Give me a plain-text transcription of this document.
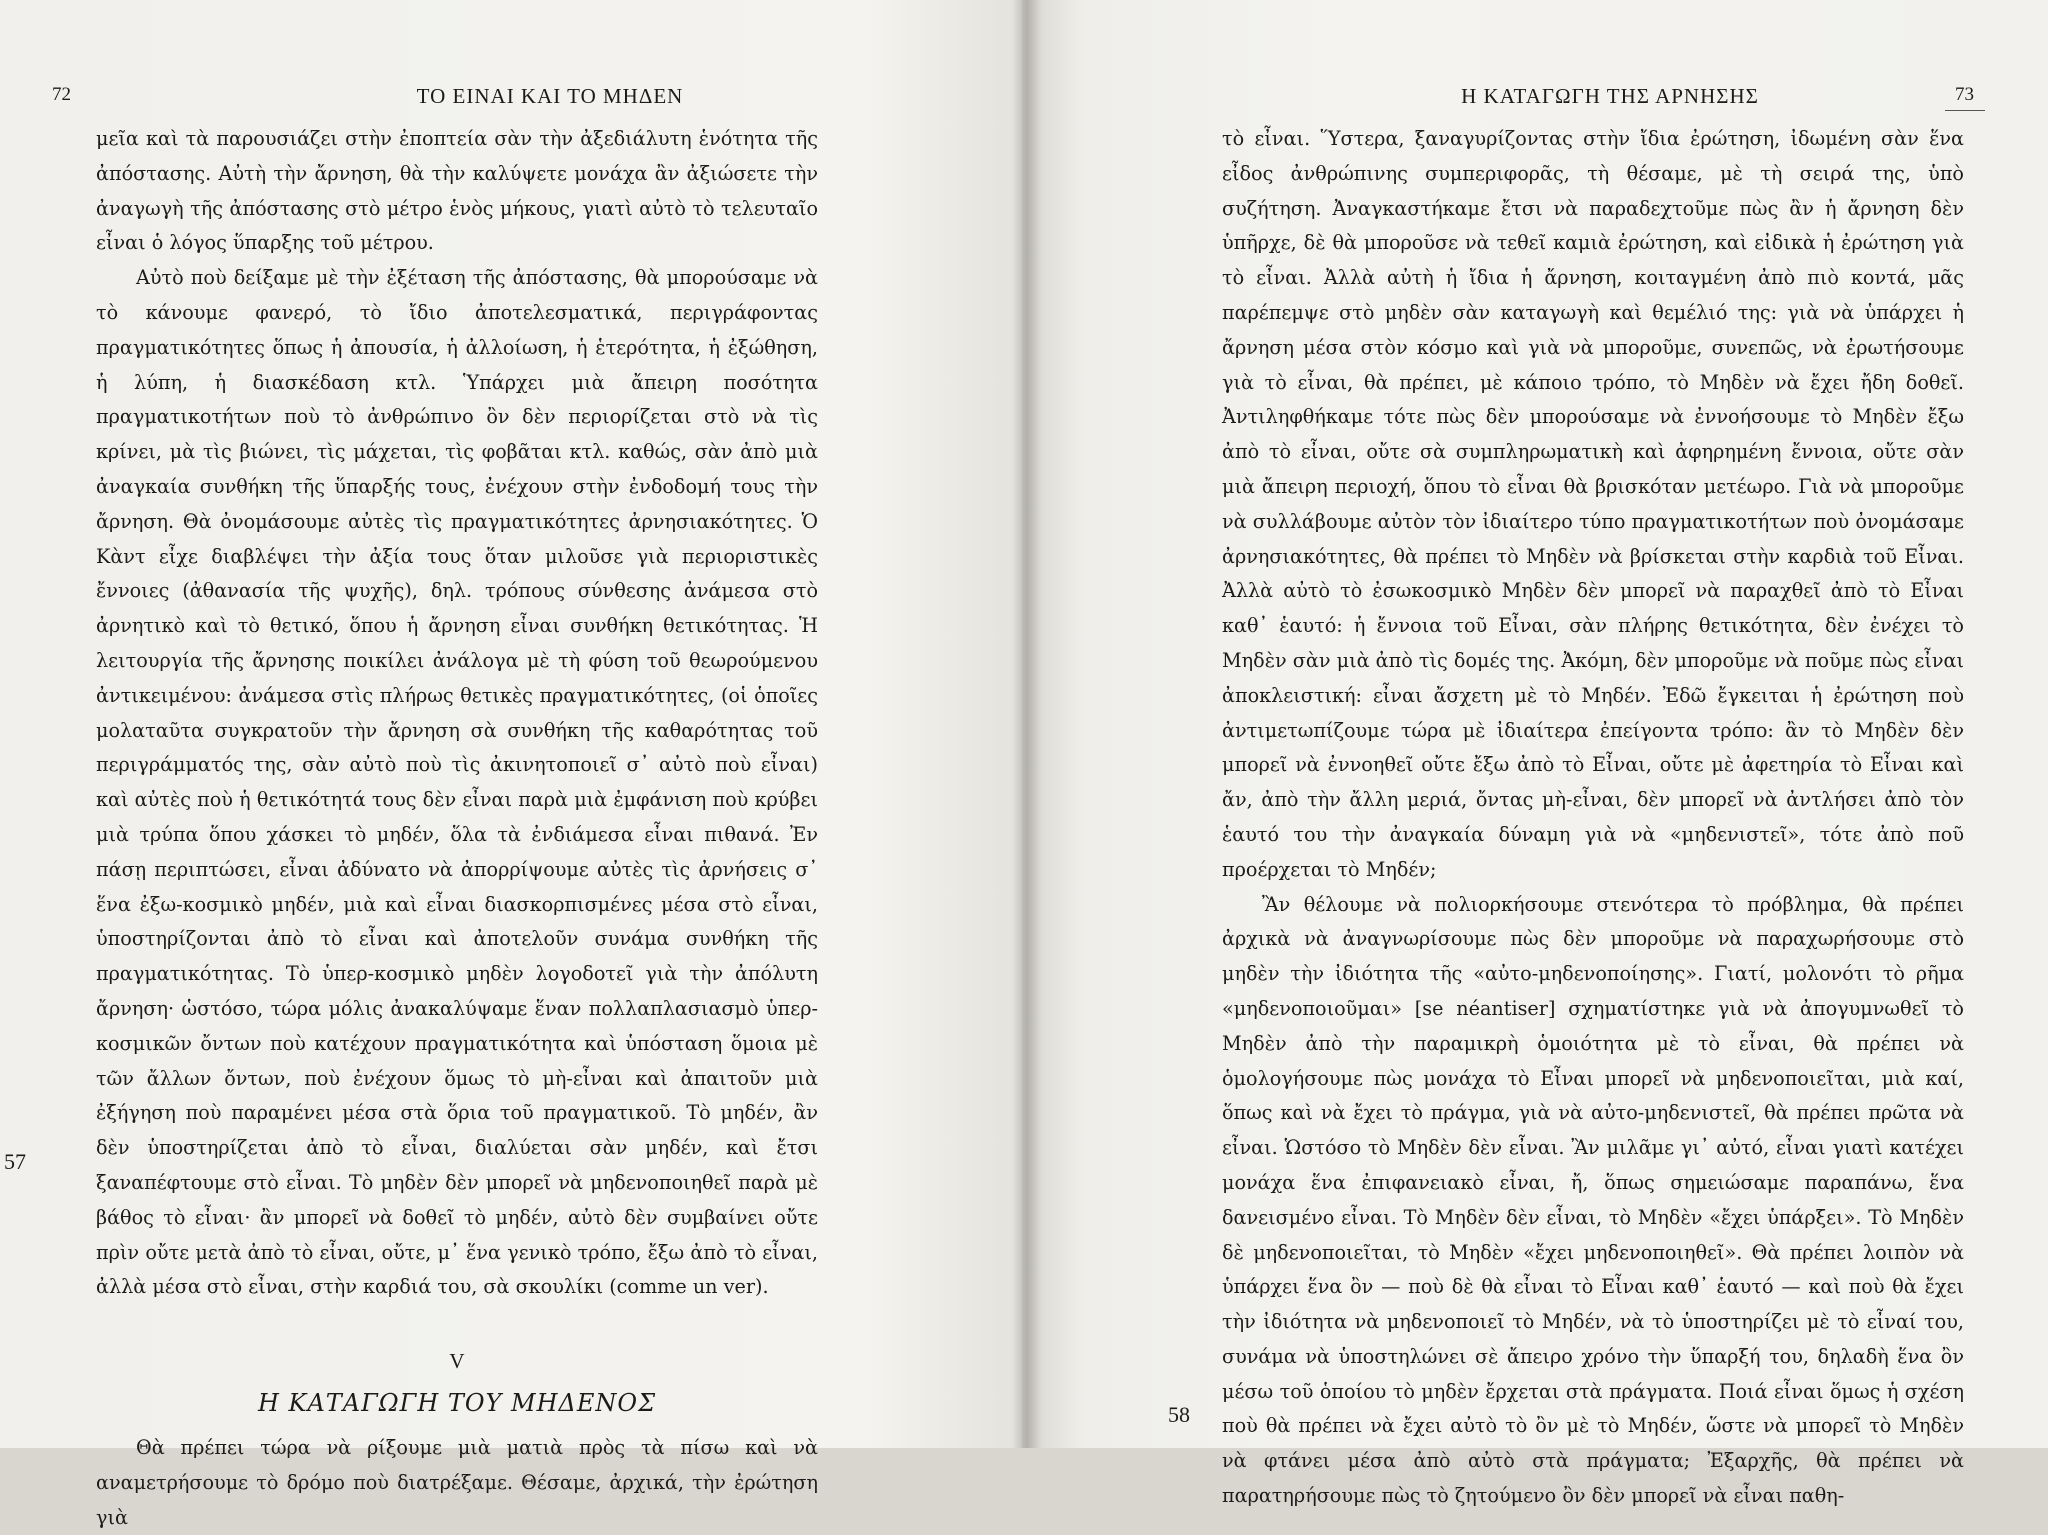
72	ΤΟ ΕΙΝΑΙ ΚΑΙ ΤΟ ΜΗΔΕΝ
57

μεῖα καὶ τὰ παρουσιάζει στὴν ἐποπτεία σὰν τὴν ἀξεδιάλυτη ἑνότητα τῆς ἀπόστασης. Αὐτὴ τὴν ἄρνηση, θὰ τὴν καλύψετε μονάχα ἂν ἀξιώσετε τὴν ἀναγωγὴ τῆς ἀπόστασης στὸ μέτρο ἑνὸς μήκους, γιατὶ αὐτὸ τὸ τελευταῖο εἶναι ὁ λόγος ὕπαρξης τοῦ μέτρου.

Αὐτὸ ποὺ δείξαμε μὲ τὴν ἐξέταση τῆς ἀπόστασης, θὰ μπορούσαμε νὰ τὸ κάνουμε φανερό, τὸ ἴδιο ἀποτελεσματικά, περιγράφοντας πραγματικότητες ὅπως ἡ ἀπουσία, ἡ ἀλλοίωση, ἡ ἑτερότητα, ἡ ἐξώθηση, ἡ λύπη, ἡ διασκέδαση κτλ. Ὑπάρχει μιὰ ἄπειρη ποσότητα πραγματικοτήτων ποὺ τὸ ἀνθρώπινο ὂν δὲν περιορίζεται στὸ νὰ τὶς κρίνει, μὰ τὶς βιώνει, τὶς μάχεται, τὶς φοβᾶται κτλ. καθώς, σὰν ἀπὸ μιὰ ἀναγκαία συνθήκη τῆς ὕπαρξής τους, ἐνέχουν στὴν ἐνδοδομή τους τὴν ἄρνηση. Θὰ ὀνομάσουμε αὐτὲς τὶς πραγματικότητες ἀρνησιακότητες. Ὁ Κὰντ εἶχε διαβλέψει τὴν ἀξία τους ὅταν μιλοῦσε γιὰ περιοριστικὲς ἔννοιες (ἀθανασία τῆς ψυχῆς), δηλ. τρόπους σύνθεσης ἀνάμεσα στὸ ἀρνητικὸ καὶ τὸ θετικό, ὅπου ἡ ἄρνηση εἶναι συνθήκη θετικότητας. Ἡ λειτουργία τῆς ἄρνησης ποικίλει ἀνάλογα μὲ τὴ φύση τοῦ θεωρούμενου ἀντικειμένου: ἀνάμεσα στὶς πλήρως θετικὲς πραγματικότητες, (οἱ ὁποῖες μολαταῦτα συγκρατοῦν τὴν ἄρνηση σὰ συνθήκη τῆς καθαρότητας τοῦ περιγράμματός της, σὰν αὐτὸ ποὺ τὶς ἀκινητοποιεῖ σ᾽ αὐτὸ ποὺ εἶναι) καὶ αὐτὲς ποὺ ἡ θετικότητά τους δὲν εἶναι παρὰ μιὰ ἐμφάνιση ποὺ κρύβει μιὰ τρύπα ὅπου χάσκει τὸ μηδέν, ὅλα τὰ ἐνδιάμεσα εἶναι πιθανά. Ἐν πάσῃ περιπτώσει, εἶναι ἀδύνατο νὰ ἀπορρίψουμε αὐτὲς τὶς ἀρνήσεις σ᾽ ἕνα ἐξω-κοσμικὸ μηδέν, μιὰ καὶ εἶναι διασκορπισμένες μέσα στὸ εἶναι, ὑποστηρίζονται ἀπὸ τὸ εἶναι καὶ ἀποτελοῦν συνάμα συνθήκη τῆς πραγματικότητας. Τὸ ὑπερ-κοσμικὸ μηδὲν λογοδοτεῖ γιὰ τὴν ἀπόλυτη ἄρνηση· ὡστόσο, τώρα μόλις ἀνακαλύψαμε ἕναν πολλαπλασιασμὸ ὑπερ-κοσμικῶν ὄντων ποὺ κατέχουν πραγματικότητα καὶ ὑπόσταση ὅμοια μὲ τῶν ἄλλων ὄντων, ποὺ ἐνέχουν ὅμως τὸ μὴ-εἶναι καὶ ἀπαιτοῦν μιὰ ἐξήγηση ποὺ παραμένει μέσα στὰ ὅρια τοῦ πραγματικοῦ. Τὸ μηδέν, ἂν δὲν ὑποστηρίζεται ἀπὸ τὸ εἶναι, διαλύεται σὰν μηδέν, καὶ ἔτσι ξαναπέφτουμε στὸ εἶναι. Τὸ μηδὲν δὲν μπορεῖ νὰ μηδενοποιηθεῖ παρὰ μὲ βάθος τὸ εἶναι· ἂν μπορεῖ νὰ δοθεῖ τὸ μηδέν, αὐτὸ δὲν συμβαίνει οὔτε πρὶν οὔτε μετὰ ἀπὸ τὸ εἶναι, οὔτε, μ᾽ ἕνα γενικὸ τρόπο, ἔξω ἀπὸ τὸ εἶναι, ἀλλὰ μέσα στὸ εἶναι, στὴν καρδιά του, σὰ σκουλίκι (comme un ver).

V
Η ΚΑΤΑΓΩΓΗ ΤΟΥ ΜΗΔΕΝΟΣ

Θὰ πρέπει τώρα νὰ ρίξουμε μιὰ ματιὰ πρὸς τὰ πίσω καὶ νὰ αναμετρήσουμε τὸ δρόμο ποὺ διατρέξαμε. Θέσαμε, ἀρχικά, τὴν ἐρώτηση γιὰ

Η ΚΑΤΑΓΩΓΗ ΤΗΣ ΑΡΝΗΣΗΣ	73
58

τὸ εἶναι. Ὕστερα, ξαναγυρίζοντας στὴν ἴδια ἐρώτηση, ἰδωμένη σὰν ἕνα εἶδος ἀνθρώπινης συμπεριφορᾶς, τὴ θέσαμε, μὲ τὴ σειρά της, ὑπὸ συζήτηση. Ἀναγκαστήκαμε ἔτσι νὰ παραδεχτοῦμε πὼς ἂν ἡ ἄρνηση δὲν ὑπῆρχε, δὲ θὰ μποροῦσε νὰ τεθεῖ καμιὰ ἐρώτηση, καὶ εἰδικὰ ἡ ἐρώτηση γιὰ τὸ εἶναι. Ἀλλὰ αὐτὴ ἡ ἴδια ἡ ἄρνηση, κοιταγμένη ἀπὸ πιὸ κοντά, μᾶς παρέπεμψε στὸ μηδὲν σὰν καταγωγὴ καὶ θεμέλιό της: γιὰ νὰ ὑπάρχει ἡ ἄρνηση μέσα στὸν κόσμο καὶ γιὰ νὰ μποροῦμε, συνεπῶς, νὰ ἐρωτήσουμε γιὰ τὸ εἶναι, θὰ πρέπει, μὲ κάποιο τρόπο, τὸ Μηδὲν νὰ ἔχει ἤδη δοθεῖ. Ἀντιληφθήκαμε τότε πὼς δὲν μπορούσαμε νὰ ἐννοήσουμε τὸ Μηδὲν ἔξω ἀπὸ τὸ εἶναι, οὔτε σὰ συμπληρωματικὴ καὶ ἀφηρημένη ἔννοια, οὔτε σὰν μιὰ ἄπειρη περιοχή, ὅπου τὸ εἶναι θὰ βρισκόταν μετέωρο. Γιὰ νὰ μποροῦμε νὰ συλλάβουμε αὐτὸν τὸν ἰδιαίτερο τύπο πραγματικοτήτων ποὺ ὀνομάσαμε ἀρνησιακότητες, θὰ πρέπει τὸ Μηδὲν νὰ βρίσκεται στὴν καρδιὰ τοῦ Εἶναι. Ἀλλὰ αὐτὸ τὸ ἐσωκοσμικὸ Μηδὲν δὲν μπορεῖ νὰ παραχθεῖ ἀπὸ τὸ Εἶναι καθ᾽ ἑαυτό: ἡ ἔννοια τοῦ Εἶναι, σὰν πλήρης θετικότητα, δὲν ἐνέχει τὸ Μηδὲν σὰν μιὰ ἀπὸ τὶς δομές της. Ἀκόμη, δὲν μποροῦμε νὰ ποῦμε πὼς εἶναι ἀποκλειστική: εἶναι ἄσχετη μὲ τὸ Μηδέν. Ἐδῶ ἔγκειται ἡ ἐρώτηση ποὺ ἀντιμετωπίζουμε τώρα μὲ ἰδιαίτερα ἐπείγοντα τρόπο: ἂν τὸ Μηδὲν δὲν μπορεῖ νὰ ἐννοηθεῖ οὔτε ἔξω ἀπὸ τὸ Εἶναι, οὔτε μὲ ἀφετηρία τὸ Εἶναι καὶ ἄν, ἀπὸ τὴν ἄλλη μεριά, ὄντας μὴ-εἶναι, δὲν μπορεῖ νὰ ἀντλήσει ἀπὸ τὸν ἑαυτό του τὴν ἀναγκαία δύναμη γιὰ νὰ «μηδενιστεῖ», τότε ἀπὸ ποῦ προέρχεται τὸ Μηδέν;

Ἂν θέλουμε νὰ πολιορκήσουμε στενότερα τὸ πρόβλημα, θὰ πρέπει ἀρχικὰ νὰ ἀναγνωρίσουμε πὼς δὲν μποροῦμε νὰ παραχωρήσουμε στὸ μηδὲν τὴν ἰδιότητα τῆς «αὐτο-μηδενοποίησης». Γιατί, μολονότι τὸ ρῆμα «μηδενοποιοῦμαι» [se néantiser] σχηματίστηκε γιὰ νὰ ἀπογυμνωθεῖ τὸ Μηδὲν ἀπὸ τὴν παραμικρὴ ὁμοιότητα μὲ τὸ εἶναι, θὰ πρέπει νὰ ὁμολογήσουμε πὼς μονάχα τὸ Εἶναι μπορεῖ νὰ μηδενοποιεῖται, μιὰ καί, ὅπως καὶ νὰ ἔχει τὸ πράγμα, γιὰ νὰ αὐτο-μηδενιστεῖ, θὰ πρέπει πρῶτα νὰ εἶναι. Ὡστόσο τὸ Μηδὲν δὲν εἶναι. Ἂν μιλᾶμε γι᾽ αὐτό, εἶναι γιατὶ κατέχει μονάχα ἕνα ἐπιφανειακὸ εἶναι, ἤ, ὅπως σημειώσαμε παραπάνω, ἕνα δανεισμένο εἶναι. Τὸ Μηδὲν δὲν εἶναι, τὸ Μηδὲν «ἔχει ὑπάρξει». Τὸ Μηδὲν δὲ μηδενοποιεῖται, τὸ Μηδὲν «ἔχει μηδενοποιηθεῖ». Θὰ πρέπει λοιπὸν νὰ ὑπάρχει ἕνα ὂν — ποὺ δὲ θὰ εἶναι τὸ Εἶναι καθ᾽ ἑαυτό — καὶ ποὺ θὰ ἔχει τὴν ἰδιότητα νὰ μηδενοποιεῖ τὸ Μηδέν, νὰ τὸ ὑποστηρίζει μὲ τὸ εἶναί του, συνάμα νὰ ὑποστηλώνει σὲ ἄπειρο χρόνο τὴν ὕπαρξή του, δηλαδὴ ἕνα ὂν μέσω τοῦ ὁποίου τὸ μηδὲν ἔρχεται στὰ πράγματα. Ποιά εἶναι ὅμως ἡ σχέση ποὺ θὰ πρέπει νὰ ἔχει αὐτὸ τὸ ὂν μὲ τὸ Μηδέν, ὥστε νὰ μπορεῖ τὸ Μηδὲν νὰ φτάνει μέσα ἀπὸ αὐτὸ στὰ πράγματα; Ἐξαρχῆς, θὰ πρέπει νὰ παρατηρήσουμε πὼς τὸ ζητούμενο ὂν δὲν μπορεῖ νὰ εἶναι παθη-
